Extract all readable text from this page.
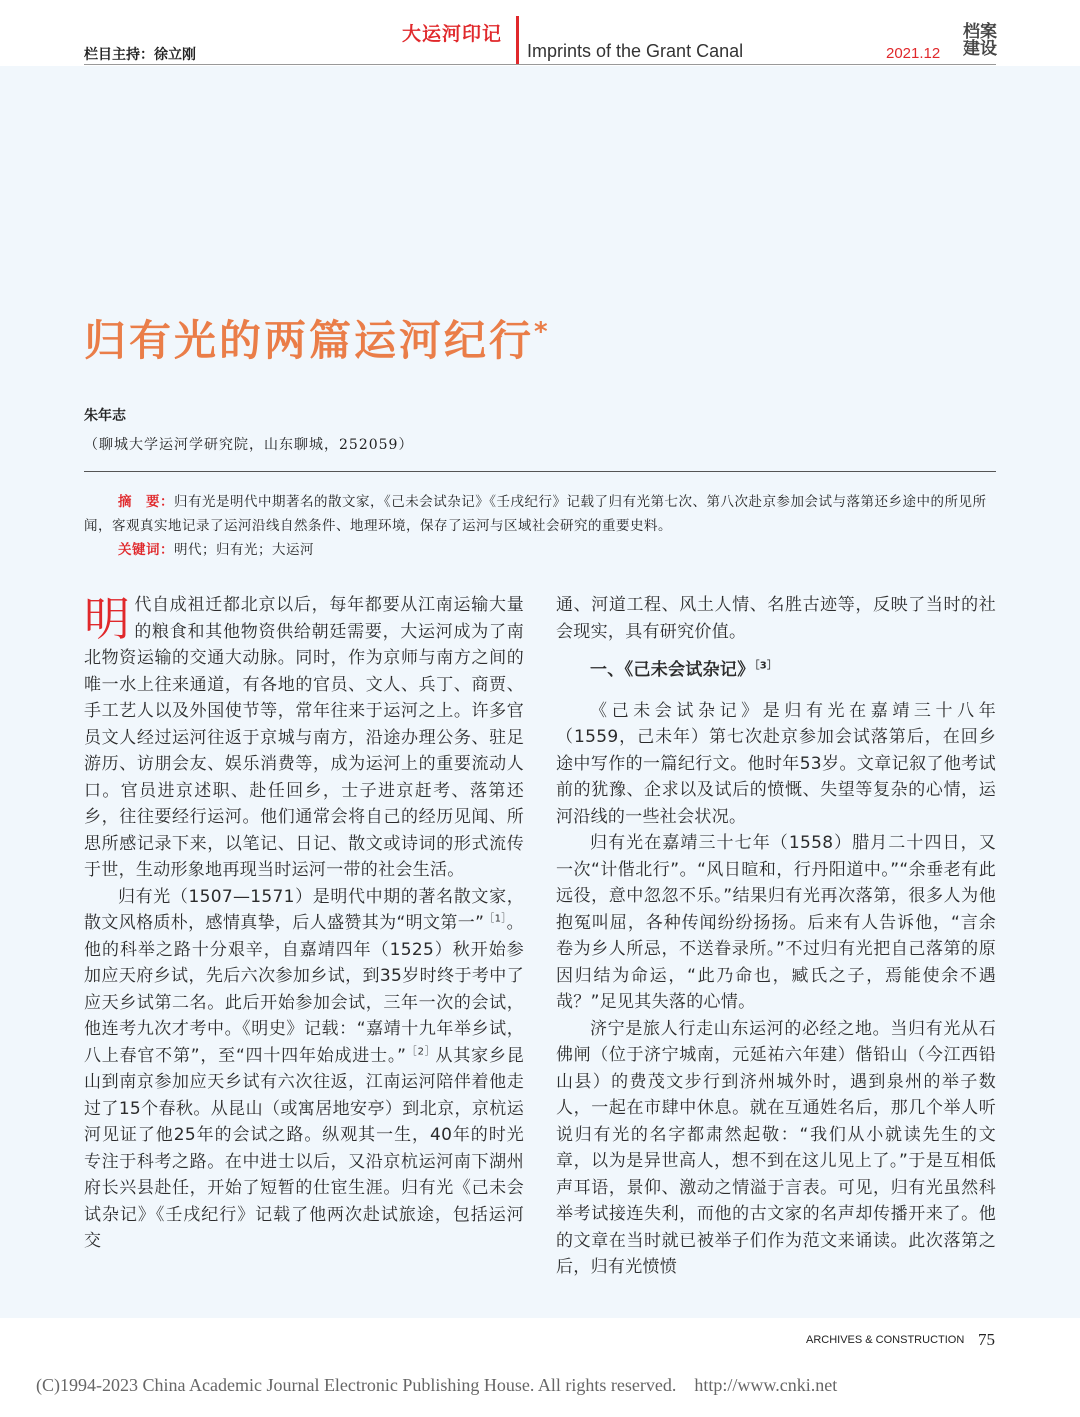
栏目主持：徐立刚
大运河印记
Imprints of the Grant Canal	2021.12
档案建设
归有光的两篇运河纪行*
朱年志
（聊城大学运河学研究院，山东聊城，252059）

摘　要：归有光是明代中期著名的散文家，《己未会试杂记》《壬戌纪行》记载了归有光第七次、第八次赴京参加会试与落第还乡途中的所见所闻，客观真实地记录了运河沿线自然条件、地理环境，保存了运河与区域社会研究的重要史料。

关键词：明代；归有光；大运河

明代自成祖迁都北京以后，每年都要从江南运输大量的粮食和其他物资供给朝廷需要，大运河成为了南北物资运输的交通大动脉。同时，作为京师与南方之间的唯一水上往来通道，有各地的官员、文人、兵丁、商贾、手工艺人以及外国使节等，常年往来于运河之上。许多官员文人经过运河往返于京城与南方，沿途办理公务、驻足游历、访朋会友、娱乐消费等，成为运河上的重要流动人口。官员进京述职、赴任回乡，士子进京赶考、落第还乡，往往要经行运河。他们通常会将自己的经历见闻、所思所感记录下来，以笔记、日记、散文或诗词的形式流传于世，生动形象地再现当时运河一带的社会生活。

归有光（1507—1571）是明代中期的著名散文家，散文风格质朴，感情真挚，后人盛赞其为“明文第一”$^{[1]}$。他的科举之路十分艰辛，自嘉靖四年（1525）秋开始参加应天府乡试，先后六次参加乡试，到35岁时终于考中了应天乡试第二名。此后开始参加会试，三年一次的会试，他连考九次才考中。《明史》记载：“嘉靖十九年举乡试，八上春官不第”，至“四十四年始成进士。”$^{[2]}$从其家乡昆山到南京参加应天乡试有六次往返，江南运河陪伴着他走过了15个春秋。从昆山（或寓居地安亭）到北京，京杭运河见证了他25年的会试之路。纵观其一生，40年的时光专注于科考之路。在中进士以后，又沿京杭运河南下湖州府长兴县赴任，开始了短暂的仕宦生涯。归有光《己未会试杂记》《壬戌纪行》记载了他两次赴试旅途，包括运河交

通、河道工程、风土人情、名胜古迹等，反映了当时的社会现实，具有研究价值。

一、《己未会试杂记》$^{[3]}$

《己未会试杂记》是归有光在嘉靖三十八年（1559，己未年）第七次赴京参加会试落第后，在回乡途中写作的一篇纪行文。他时年53岁。文章记叙了他考试前的犹豫、企求以及试后的愤慨、失望等复杂的心情，运河沿线的一些社会状况。

归有光在嘉靖三十七年（1558）腊月二十四日，又一次“计偕北行”。“风日暄和，行丹阳道中。”“余垂老有此远役，意中忽忽不乐。”结果归有光再次落第，很多人为他抱冤叫屈，各种传闻纷纷扬扬。后来有人告诉他，“言余卷为乡人所忌，不送眷录所。”不过归有光把自己落第的原因归结为命运，“此乃命也，臧氏之子，焉能使余不遇哉？”足见其失落的心情。

济宁是旅人行走山东运河的必经之地。当归有光从石佛闸（位于济宁城南，元延祐六年建）偕铅山（今江西铅山县）的费茂文步行到济州城外时，遇到泉州的举子数人，一起在市肆中休息。就在互通姓名后，那几个举人听说归有光的名字都肃然起敬：“我们从小就读先生的文章，以为是异世高人，想不到在这儿见上了。”于是互相低声耳语，景仰、激动之情溢于言表。可见，归有光虽然科举考试接连失利，而他的古文家的名声却传播开来了。他的文章在当时就已被举子们作为范文来诵读。此次落第之后，归有光愤愤

ARCHIVES & CONSTRUCTION 75
(C)1994-2023 China Academic Journal Electronic Publishing House. All rights reserved.    http://www.cnki.net
